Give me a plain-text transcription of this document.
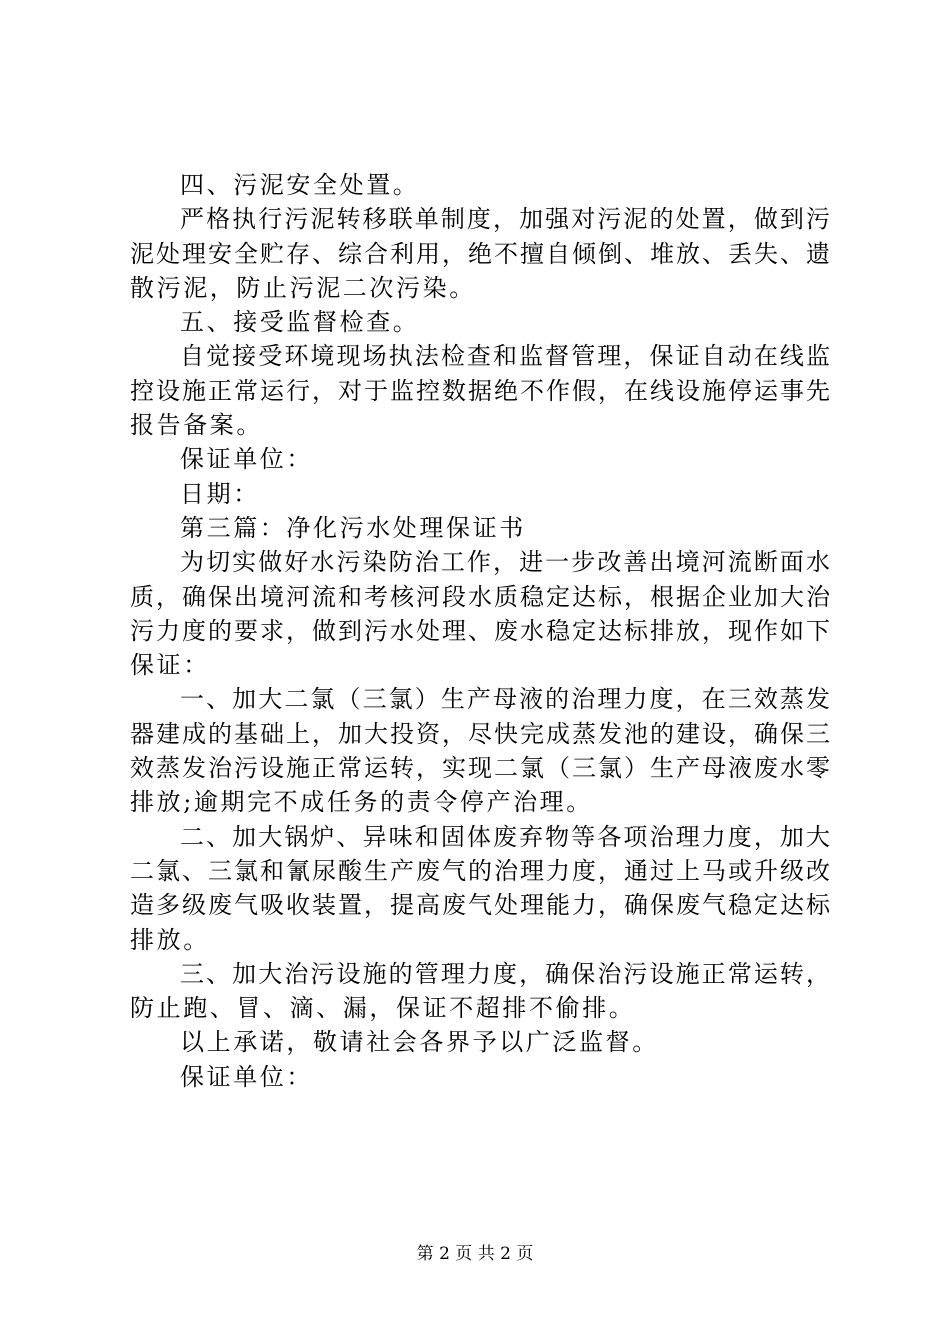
四、污泥安全处置。
严格执行污泥转移联单制度，加强对污泥的处置，做到污
泥处理安全贮存、综合利用，绝不擅自倾倒、堆放、丢失、遗
散污泥，防止污泥二次污染。
五、接受监督检查。
自觉接受环境现场执法检查和监督管理，保证自动在线监
控设施正常运行，对于监控数据绝不作假，在线设施停运事先
报告备案。
保证单位：
日期：
第三篇：净化污水处理保证书
为切实做好水污染防治工作，进一步改善出境河流断面水
质，确保出境河流和考核河段水质稳定达标，根据企业加大治
污力度的要求，做到污水处理、废水稳定达标排放，现作如下
保证：
一、加大二氯（三氯）生产母液的治理力度，在三效蒸发
器建成的基础上，加大投资，尽快完成蒸发池的建设，确保三
效蒸发治污设施正常运转，实现二氯（三氯）生产母液废水零
排放;逾期完不成任务的责令停产治理。
二、加大锅炉、异味和固体废弃物等各项治理力度，加大
二氯、三氯和氰尿酸生产废气的治理力度，通过上马或升级改
造多级废气吸收装置，提高废气处理能力，确保废气稳定达标
排放。
三、加大治污设施的管理力度，确保治污设施正常运转，
防止跑、冒、滴、漏，保证不超排不偷排。
以上承诺，敬请社会各界予以广泛监督。
保证单位：
第 2 页 共 2 页
